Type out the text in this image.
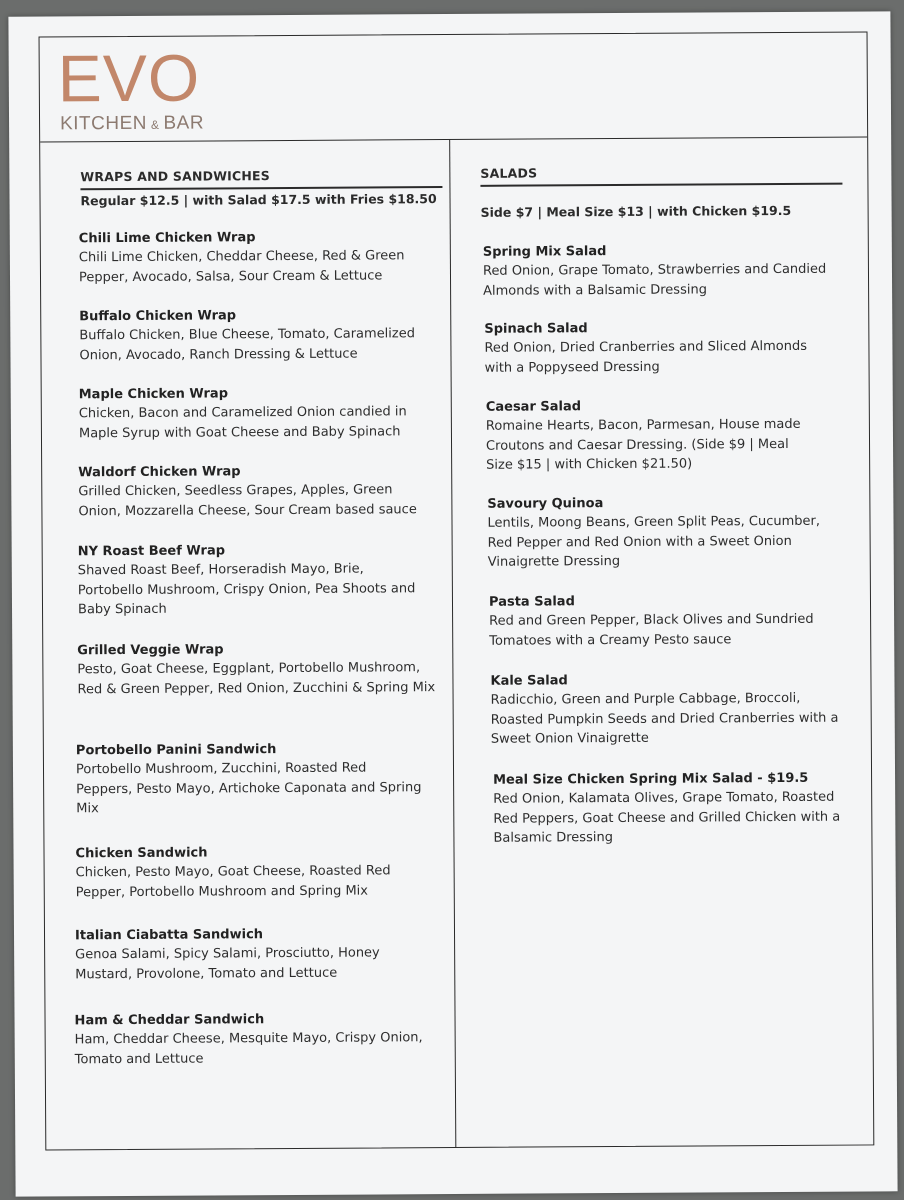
EVO
KITCHEN & BAR
WRAPS AND SANDWICHES
Regular $12.5 | with Salad $17.5 with Fries $18.50
Chili Lime Chicken Wrap
Chili Lime Chicken, Cheddar Cheese, Red & Green Pepper, Avocado, Salsa, Sour Cream & Lettuce
Buffalo Chicken Wrap
Buffalo Chicken, Blue Cheese, Tomato, Caramelized Onion, Avocado, Ranch Dressing & Lettuce
Maple Chicken Wrap
Chicken, Bacon and Caramelized Onion candied in Maple Syrup with Goat Cheese and Baby Spinach
Waldorf Chicken Wrap
Grilled Chicken, Seedless Grapes, Apples, Green Onion, Mozzarella Cheese, Sour Cream based sauce
NY Roast Beef Wrap
Shaved Roast Beef, Horseradish Mayo, Brie, Portobello Mushroom, Crispy Onion, Pea Shoots and Baby Spinach
Grilled Veggie Wrap
Pesto, Goat Cheese, Eggplant, Portobello Mushroom, Red & Green Pepper, Red Onion, Zucchini & Spring Mix
Portobello Panini Sandwich
Portobello Mushroom, Zucchini, Roasted Red Peppers, Pesto Mayo, Artichoke Caponata and Spring Mix
Chicken Sandwich
Chicken, Pesto Mayo, Goat Cheese, Roasted Red Pepper, Portobello Mushroom and Spring Mix
Italian Ciabatta Sandwich
Genoa Salami, Spicy Salami, Prosciutto, Honey Mustard, Provolone, Tomato and Lettuce
Ham & Cheddar Sandwich
Ham, Cheddar Cheese, Mesquite Mayo, Crispy Onion, Tomato and Lettuce
SALADS
Side $7 | Meal Size $13 | with Chicken $19.5
Spring Mix Salad
Red Onion, Grape Tomato, Strawberries and Candied Almonds with a Balsamic Dressing
Spinach Salad
Red Onion, Dried Cranberries and Sliced Almonds with a Poppyseed Dressing
Caesar Salad
Romaine Hearts, Bacon, Parmesan, House made Croutons and Caesar Dressing. (Side $9 | Meal Size $15 | with Chicken $21.50)
Savoury Quinoa
Lentils, Moong Beans, Green Split Peas, Cucumber, Red Pepper and Red Onion with a Sweet Onion Vinaigrette Dressing
Pasta Salad
Red and Green Pepper, Black Olives and Sundried Tomatoes with a Creamy Pesto sauce
Kale Salad
Radicchio, Green and Purple Cabbage, Broccoli, Roasted Pumpkin Seeds and Dried Cranberries with a Sweet Onion Vinaigrette
Meal Size Chicken Spring Mix Salad - $19.5
Red Onion, Kalamata Olives, Grape Tomato, Roasted Red Peppers, Goat Cheese and Grilled Chicken with a Balsamic Dressing
